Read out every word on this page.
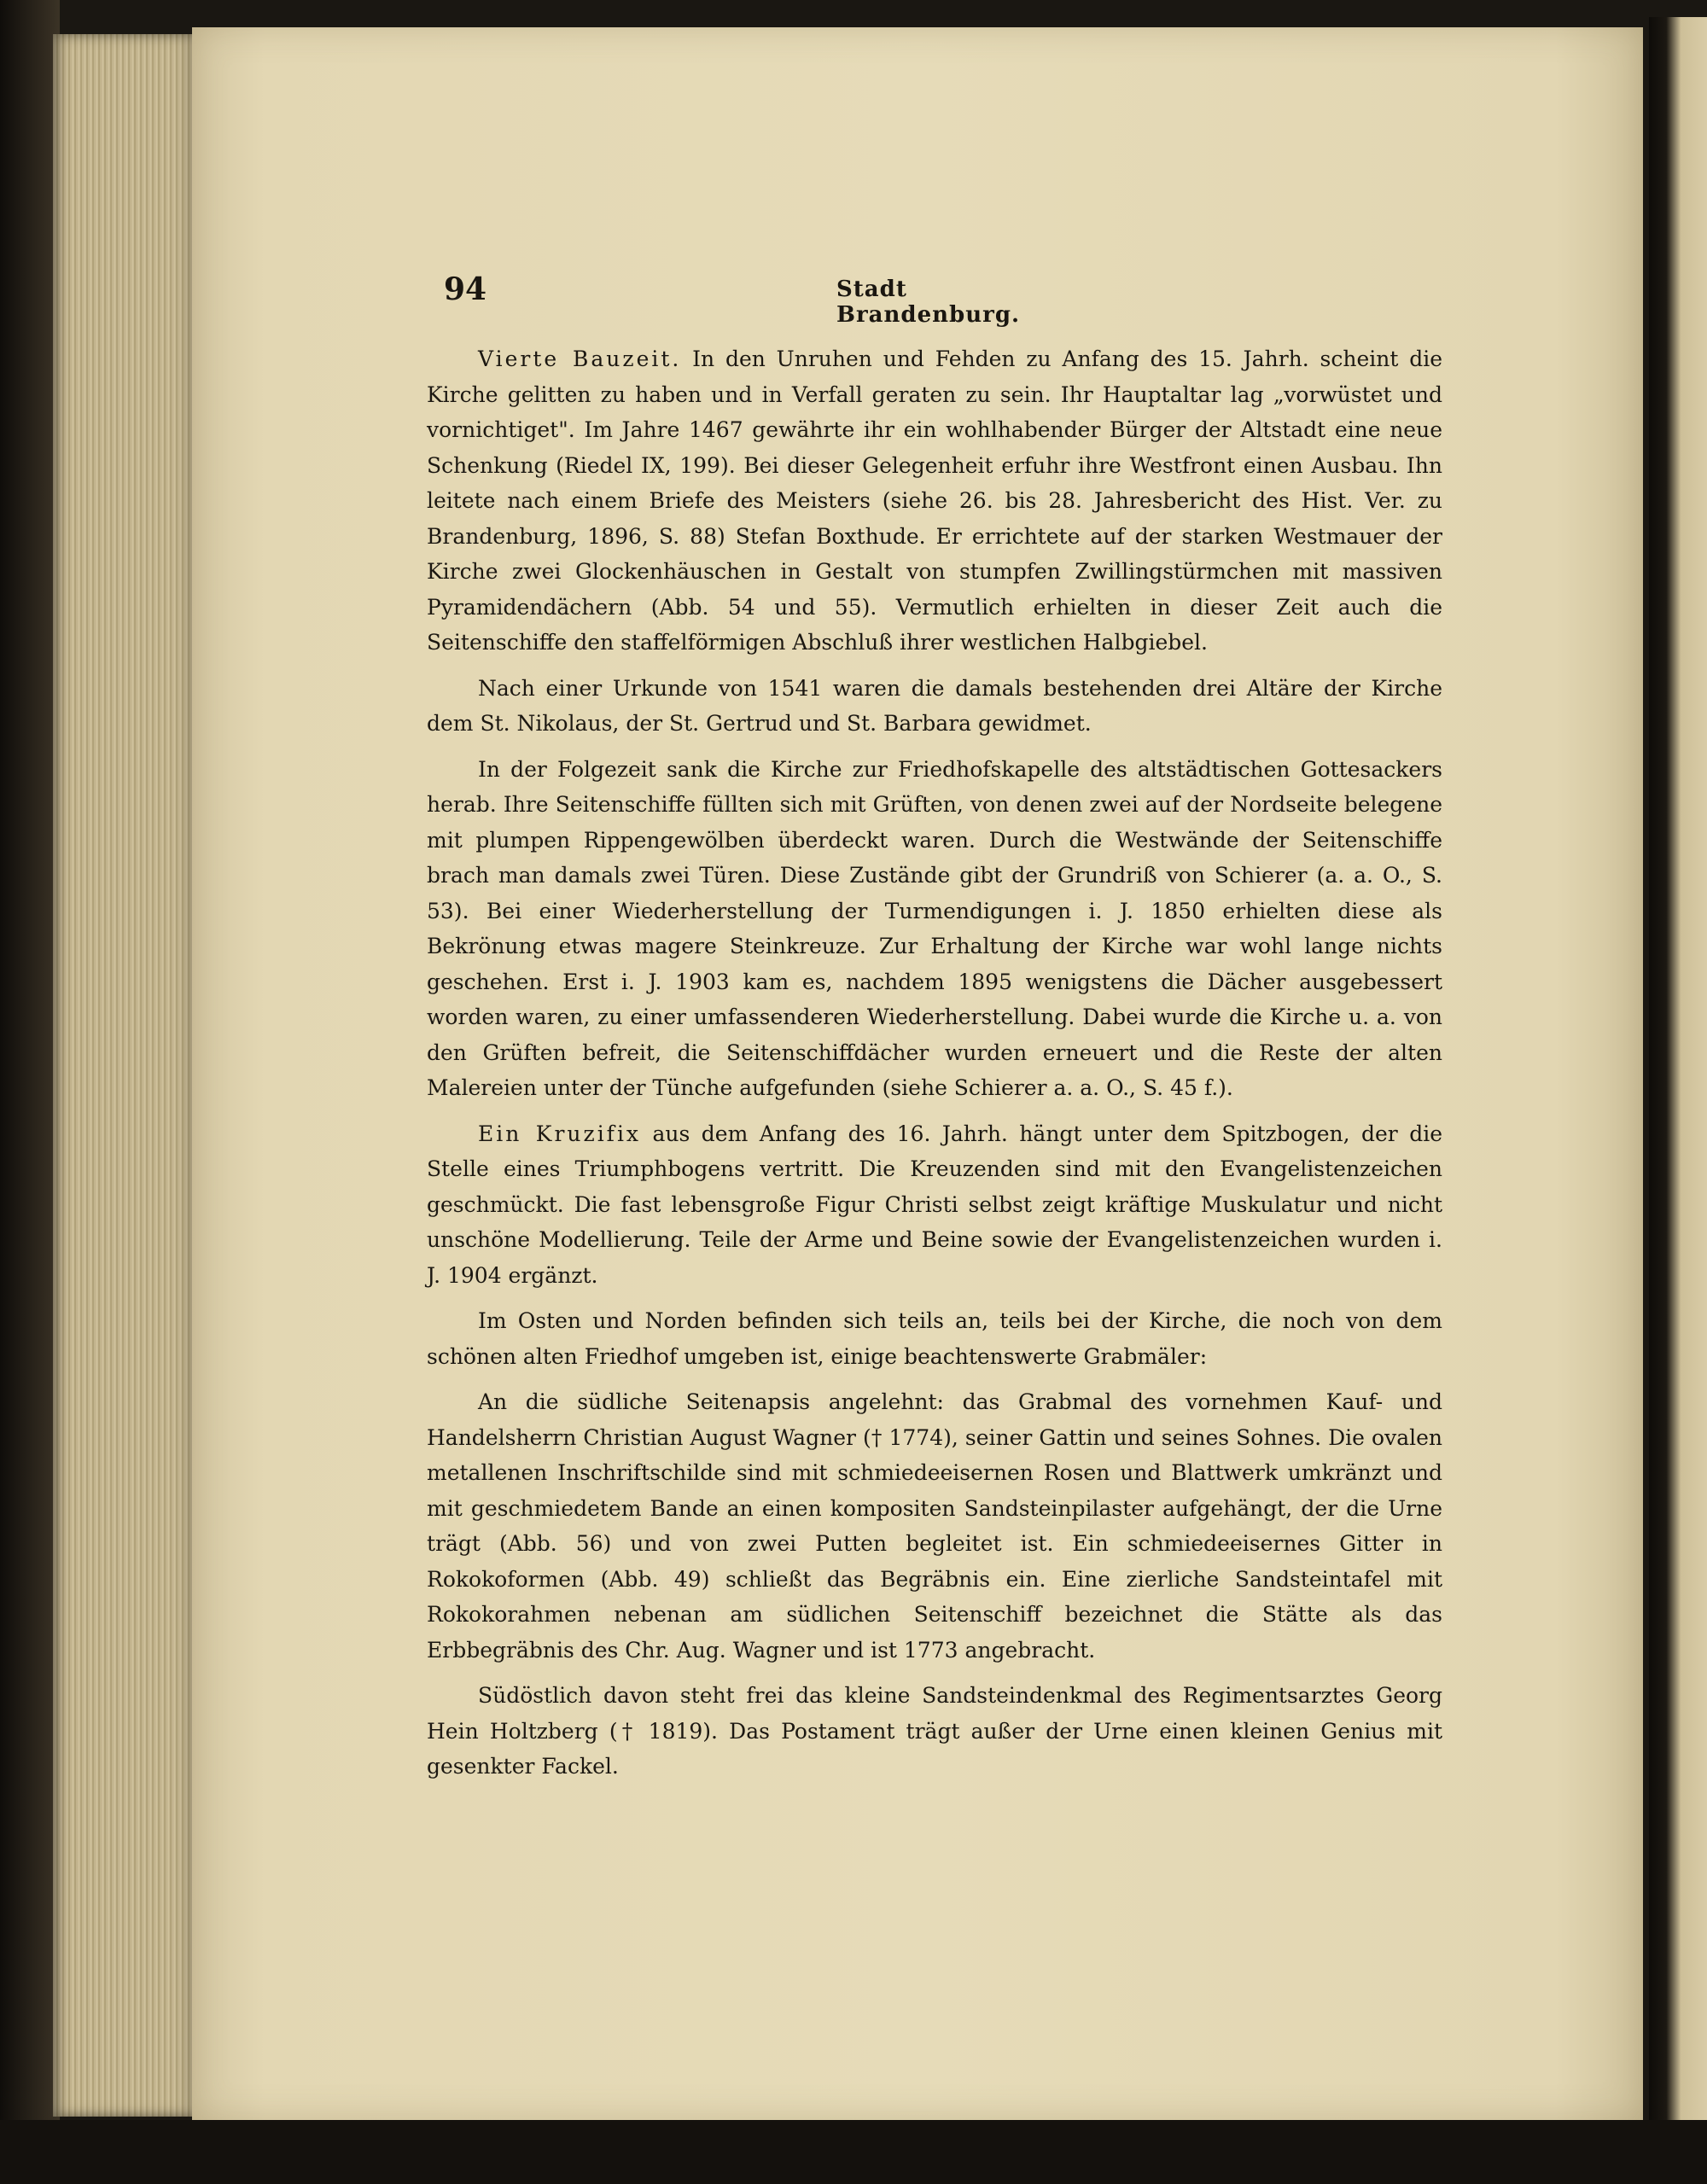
94	Stadt Brandenburg.

Vierte Bauzeit. In den Unruhen und Fehden zu Anfang des 15. Jahrh. scheint die Kirche gelitten zu haben und in Verfall geraten zu sein. Ihr Hauptaltar lag „vorwüstet und vornichtiget". Im Jahre 1467 gewährte ihr ein wohlhabender Bürger der Altstadt eine neue Schenkung (Riedel IX, 199). Bei dieser Gelegenheit erfuhr ihre Westfront einen Ausbau. Ihn leitete nach einem Briefe des Meisters (siehe 26. bis 28. Jahresbericht des Hist. Ver. zu Brandenburg, 1896, S. 88) Stefan Boxthude. Er errichtete auf der starken Westmauer der Kirche zwei Glockenhäuschen in Gestalt von stumpfen Zwillingstürmchen mit massiven Pyramidendächern (Abb. 54 und 55). Vermutlich erhielten in dieser Zeit auch die Seitenschiffe den staffelförmigen Abschluß ihrer westlichen Halbgiebel.

Nach einer Urkunde von 1541 waren die damals bestehenden drei Altäre der Kirche dem St. Nikolaus, der St. Gertrud und St. Barbara gewidmet.

In der Folgezeit sank die Kirche zur Friedhofskapelle des altstädtischen Gottesackers herab. Ihre Seitenschiffe füllten sich mit Grüften, von denen zwei auf der Nordseite belegene mit plumpen Rippengewölben überdeckt waren. Durch die Westwände der Seitenschiffe brach man damals zwei Türen. Diese Zustände gibt der Grundriß von Schierer (a. a. O., S. 53). Bei einer Wiederherstellung der Turmendigungen i. J. 1850 erhielten diese als Bekrönung etwas magere Steinkreuze. Zur Erhaltung der Kirche war wohl lange nichts geschehen. Erst i. J. 1903 kam es, nachdem 1895 wenigstens die Dächer ausgebessert worden waren, zu einer umfassenderen Wiederherstellung. Dabei wurde die Kirche u. a. von den Grüften befreit, die Seitenschiffdächer wurden erneuert und die Reste der alten Malereien unter der Tünche aufgefunden (siehe Schierer a. a. O., S. 45 f.).

Ein Kruzifix aus dem Anfang des 16. Jahrh. hängt unter dem Spitzbogen, der die Stelle eines Triumphbogens vertritt. Die Kreuzenden sind mit den Evangelistenzeichen geschmückt. Die fast lebensgroße Figur Christi selbst zeigt kräftige Muskulatur und nicht unschöne Modellierung. Teile der Arme und Beine sowie der Evangelistenzeichen wurden i. J. 1904 ergänzt.

Im Osten und Norden befinden sich teils an, teils bei der Kirche, die noch von dem schönen alten Friedhof umgeben ist, einige beachtenswerte Grabmäler:

An die südliche Seitenapsis angelehnt: das Grabmal des vornehmen Kauf- und Handelsherrn Christian August Wagner († 1774), seiner Gattin und seines Sohnes. Die ovalen metallenen Inschriftschilde sind mit schmiedeeisernen Rosen und Blattwerk umkränzt und mit geschmiedetem Bande an einen kompositen Sandsteinpilaster aufgehängt, der die Urne trägt (Abb. 56) und von zwei Putten begleitet ist. Ein schmiedeeisernes Gitter in Rokokoformen (Abb. 49) schließt das Begräbnis ein. Eine zierliche Sandsteintafel mit Rokokorahmen nebenan am südlichen Seitenschiff bezeichnet die Stätte als das Erbbegräbnis des Chr. Aug. Wagner und ist 1773 angebracht.

Südöstlich davon steht frei das kleine Sandsteindenkmal des Regimentsarztes Georg Hein Holtzberg († 1819). Das Postament trägt außer der Urne einen kleinen Genius mit gesenkter Fackel.
